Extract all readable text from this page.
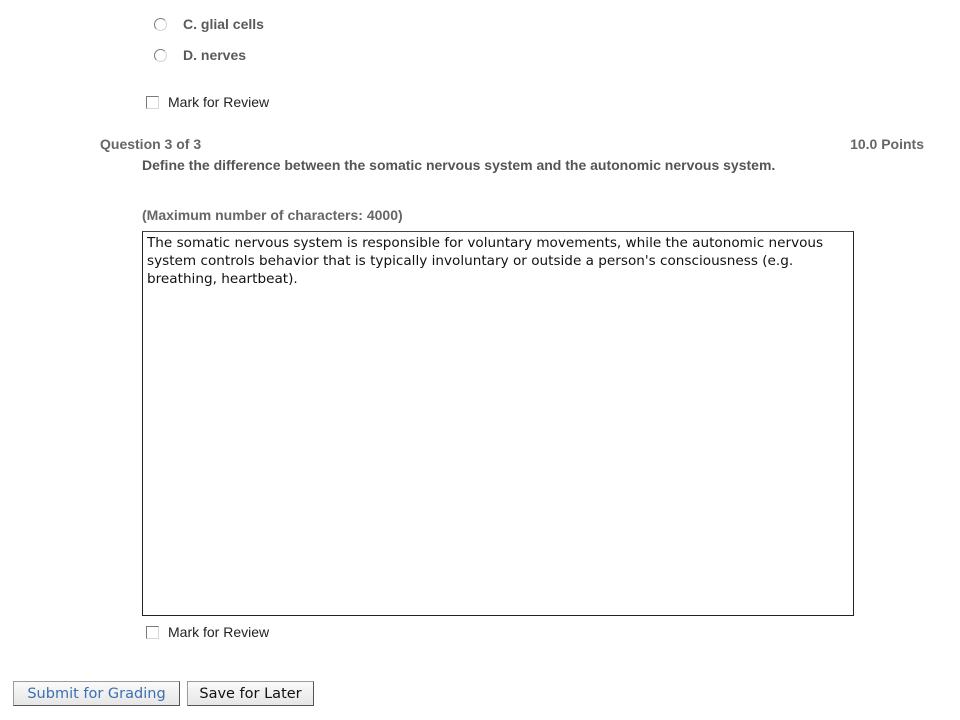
C. glial cells
D. nerves
Mark for Review
Question 3 of 3	10.0 Points
Define the difference between the somatic nervous system and the autonomic nervous system.
(Maximum number of characters: 4000)
The somatic nervous system is responsible for voluntary movements, while the autonomic nervous system controls behavior that is typically involuntary or outside a person's consciousness (e.g. breathing, heartbeat).
Mark for Review
Submit for Grading	Save for Later
